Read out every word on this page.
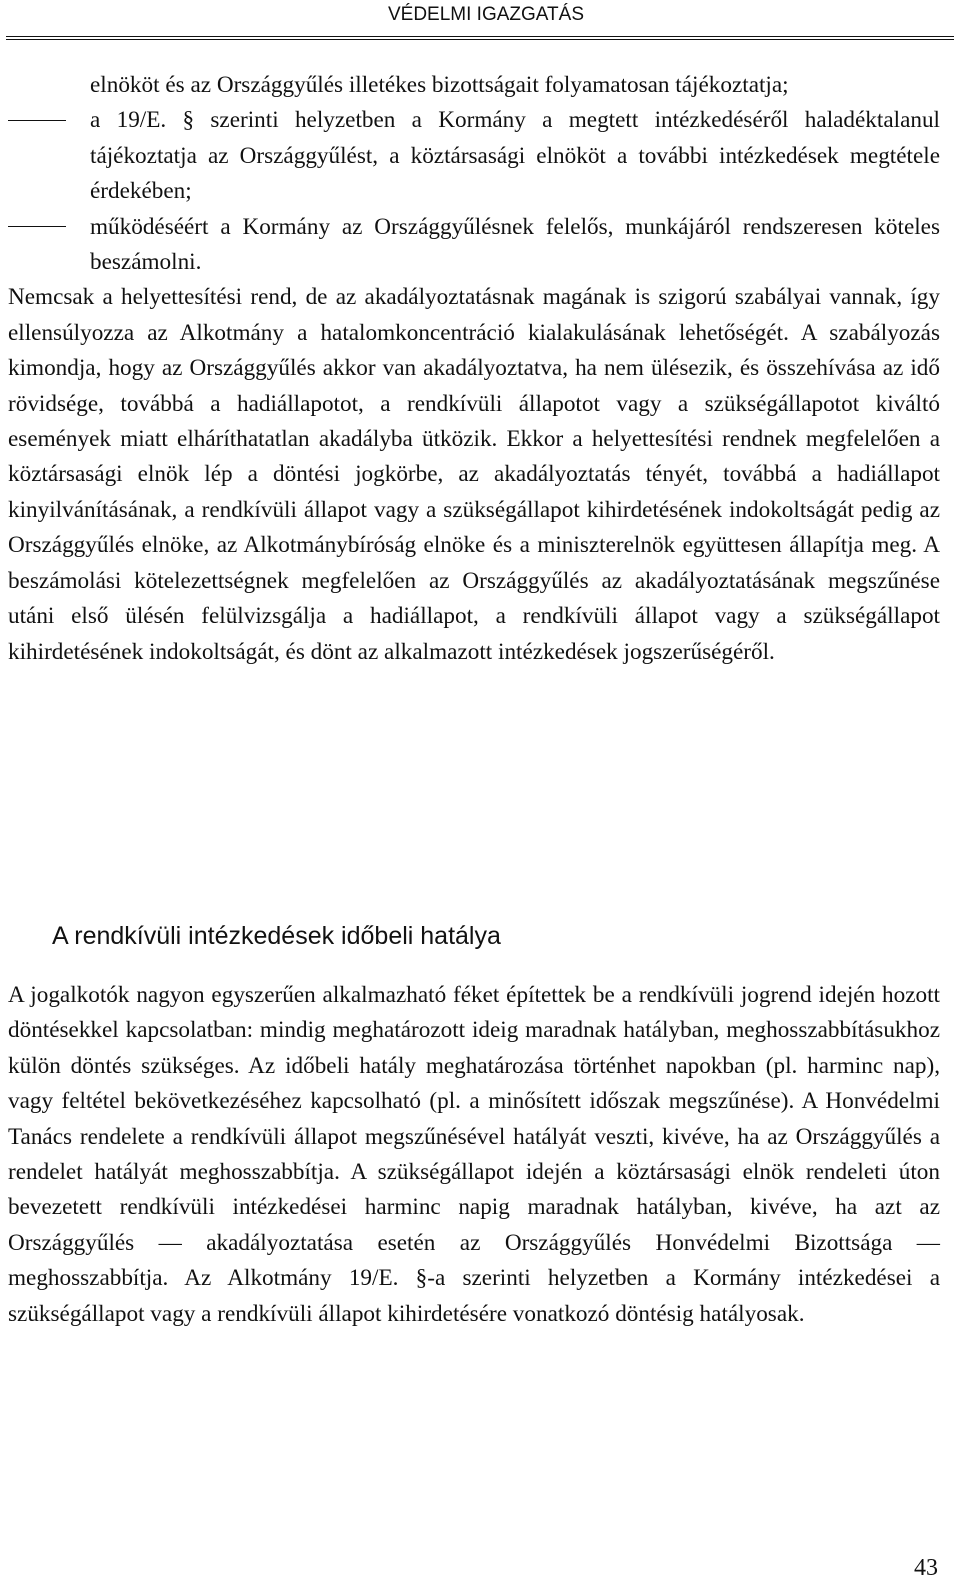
VÉDELMI IGAZGATÁS
elnököt és az Országgyűlés illetékes bizottságait folyamatosan tájékoztatja;
a 19/E. § szerinti helyzetben a Kormány a megtett intézkedéséről haladéktalanul tájékoztatja az Országgyűlést, a köztársasági elnököt a további intézkedések megtétele érdekében;
működéséért a Kormány az Országgyűlésnek felelős, munkájáról rendszeresen köteles beszámolni.

Nemcsak a helyettesítési rend, de az akadályoztatásnak magának is szigorú szabályai vannak, így ellensúlyozza az Alkotmány a hatalomkoncentráció kialakulásának lehetőségét. A szabályozás kimondja, hogy az Országgyűlés akkor van akadályoztatva, ha nem ülésezik, és összehívása az idő rövidsége, továbbá a hadiállapotot, a rendkívüli állapotot vagy a szükségállapotot kiváltó események miatt elháríthatatlan akadályba ütközik. Ekkor a helyettesítési rendnek megfelelően a köztársasági elnök lép a döntési jogkörbe, az akadályoztatás tényét, továbbá a hadiállapot kinyilvánításának, a rendkívüli állapot vagy a szükségállapot kihirdetésének indokoltságát pedig az Országgyűlés elnöke, az Alkotmánybíróság elnöke és a miniszterelnök együttesen állapítja meg. A beszámolási kötelezettségnek megfelelően az Országgyűlés az akadályoztatásának megszűnése utáni első ülésén felülvizsgálja a hadiállapot, a rendkívüli állapot vagy a szükségállapot kihirdetésének indokoltságát, és dönt az alkalmazott intézkedések jogszerűségéről.

A rendkívüli intézkedések időbeli hatálya

A jogalkotók nagyon egyszerűen alkalmazható féket építettek be a rendkívüli jogrend idején hozott döntésekkel kapcsolatban: mindig meghatározott ideig maradnak hatályban, meghosszabbításukhoz külön döntés szükséges. Az időbeli hatály meghatározása történhet napokban (pl. harminc nap), vagy feltétel bekövetkezéséhez kapcsolható (pl. a minősített időszak megszűnése). A Honvédelmi Tanács rendelete a rendkívüli állapot megszűnésével hatályát veszti, kivéve, ha az Országgyűlés a rendelet hatályát meghosszabbítja. A szükségállapot idején a köztársasági elnök rendeleti úton bevezetett rendkívüli intézkedései harminc napig maradnak hatályban, kivéve, ha azt az Országgyűlés — akadályoztatása esetén az Országgyűlés Honvédelmi Bizottsága — meghosszabbítja. Az Alkotmány 19/E. §-a szerinti helyzetben a Kormány intézkedései a szükségállapot vagy a rendkívüli állapot kihirdetésére vonatkozó döntésig hatályosak.

43
